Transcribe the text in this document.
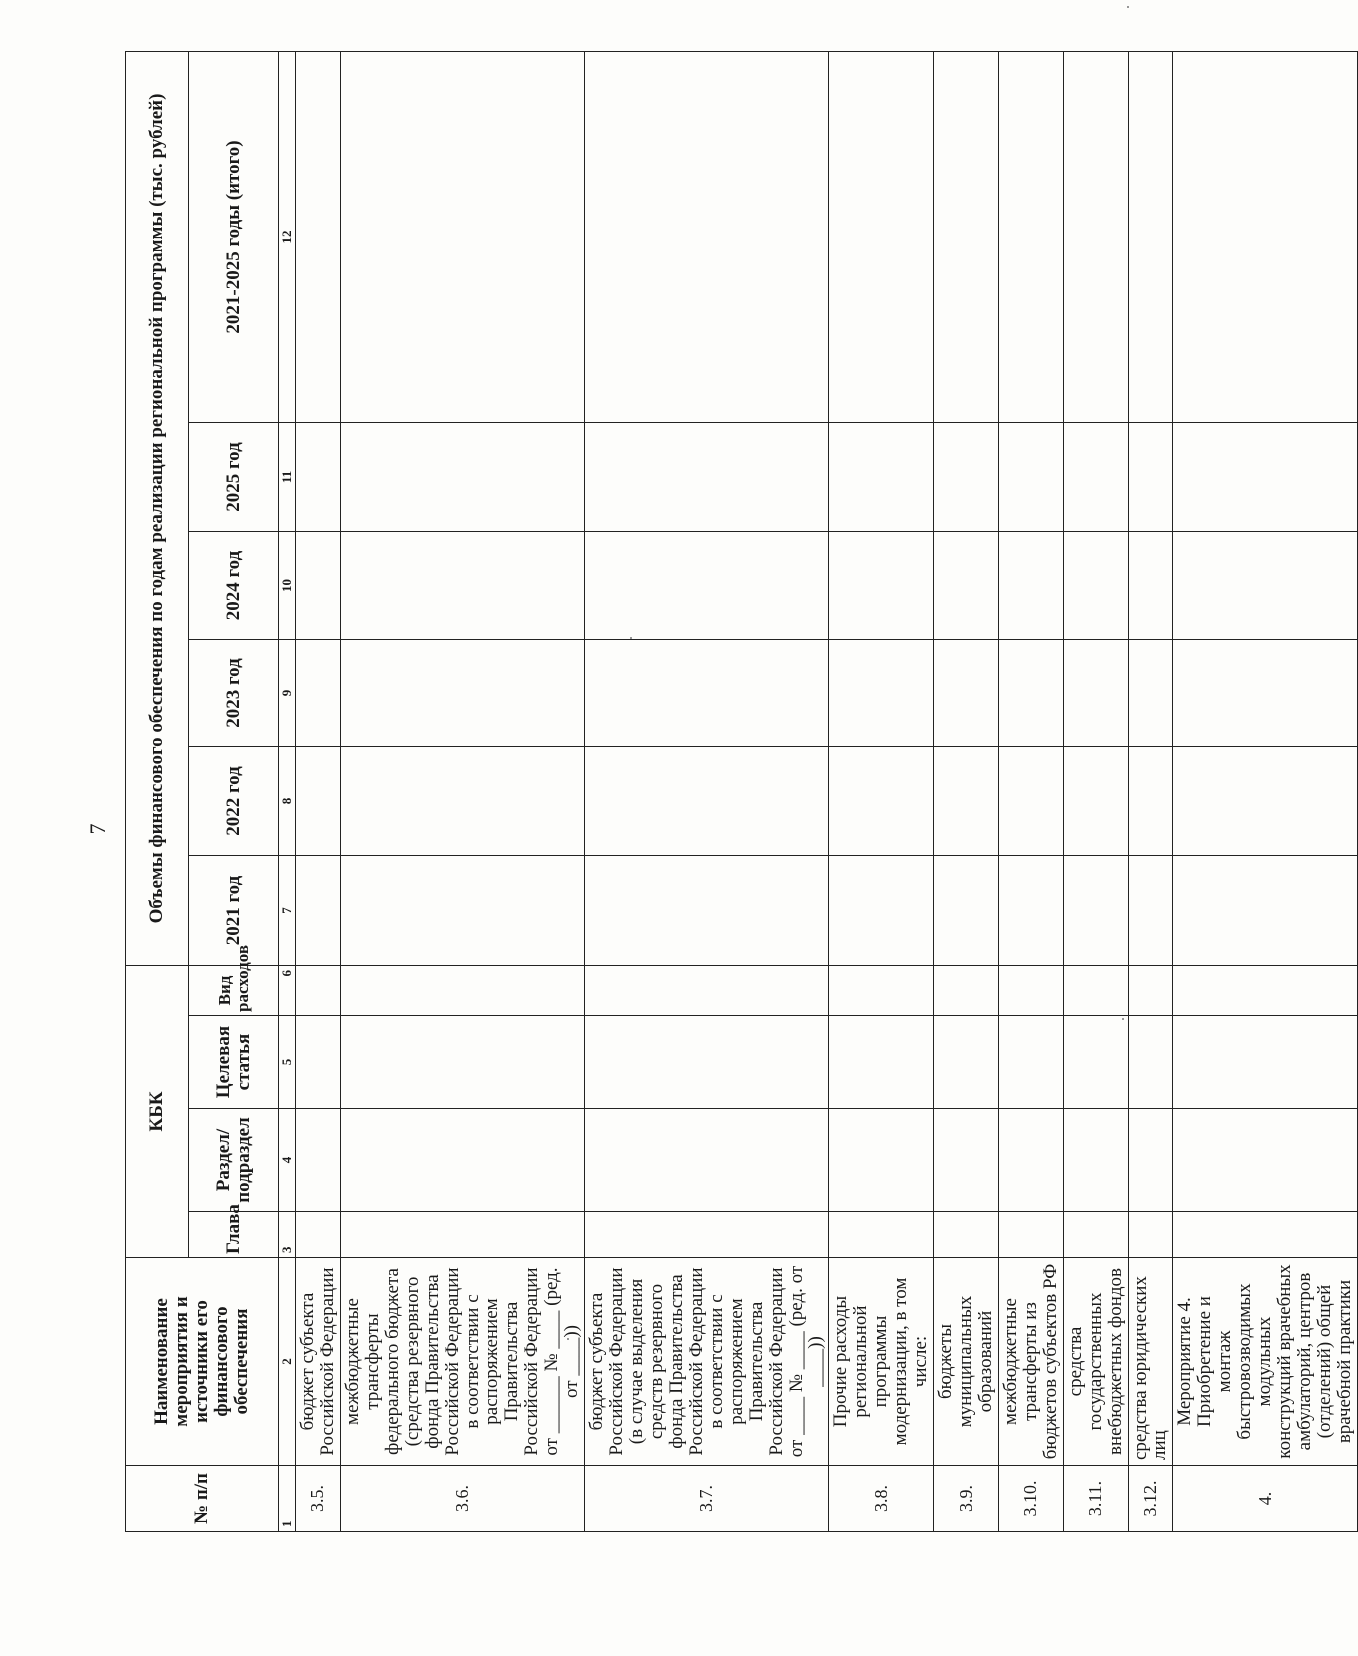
7
№ п/п	Наименование мероприятия и источники его финансового обеспечения	КБК				Объемы финансового обеспечения по годам реализации региональной программы (тыс. рублей)					
		Глава	Раздел/ подраздел	Целевая статья	Вид расходов	2021 год	2022 год	2023 год	2024 год	2025 год	2021-2025 годы (итого)
1	2	3	4	5	6	7	8	9	10	11	12
3.5.	бюджет субъекта Российской Федерации										
3.6.	межбюджетные трансферты федерального бюджета (средства резервного фонда Правительства Российской Федерации в соответствии с распоряжением Правительства Российской Федерации от ______ № ____ (ред. от ____))										
3.7.	бюджет субъекта Российской Федерации (в случае выделения средств резервного фонда Правительства Российской Федерации в соответствии с распоряжением Правительства Российской Федерации от ____ № ____ (ред. от ____))										
3.8.	Прочие расходы региональной программы модернизации, в том числе:										
3.9.	бюджеты муниципальных образований										
3.10.	межбюджетные трансферты из бюджетов субъектов РФ										
3.11.	средства государственных внебюджетных фондов										
3.12.	средства юридических лиц										
4.	Мероприятие 4. Приобретение и монтаж быстровозводимых модульных конструкций врачебных амбулаторий, центров (отделений) общей врачебной практики										
